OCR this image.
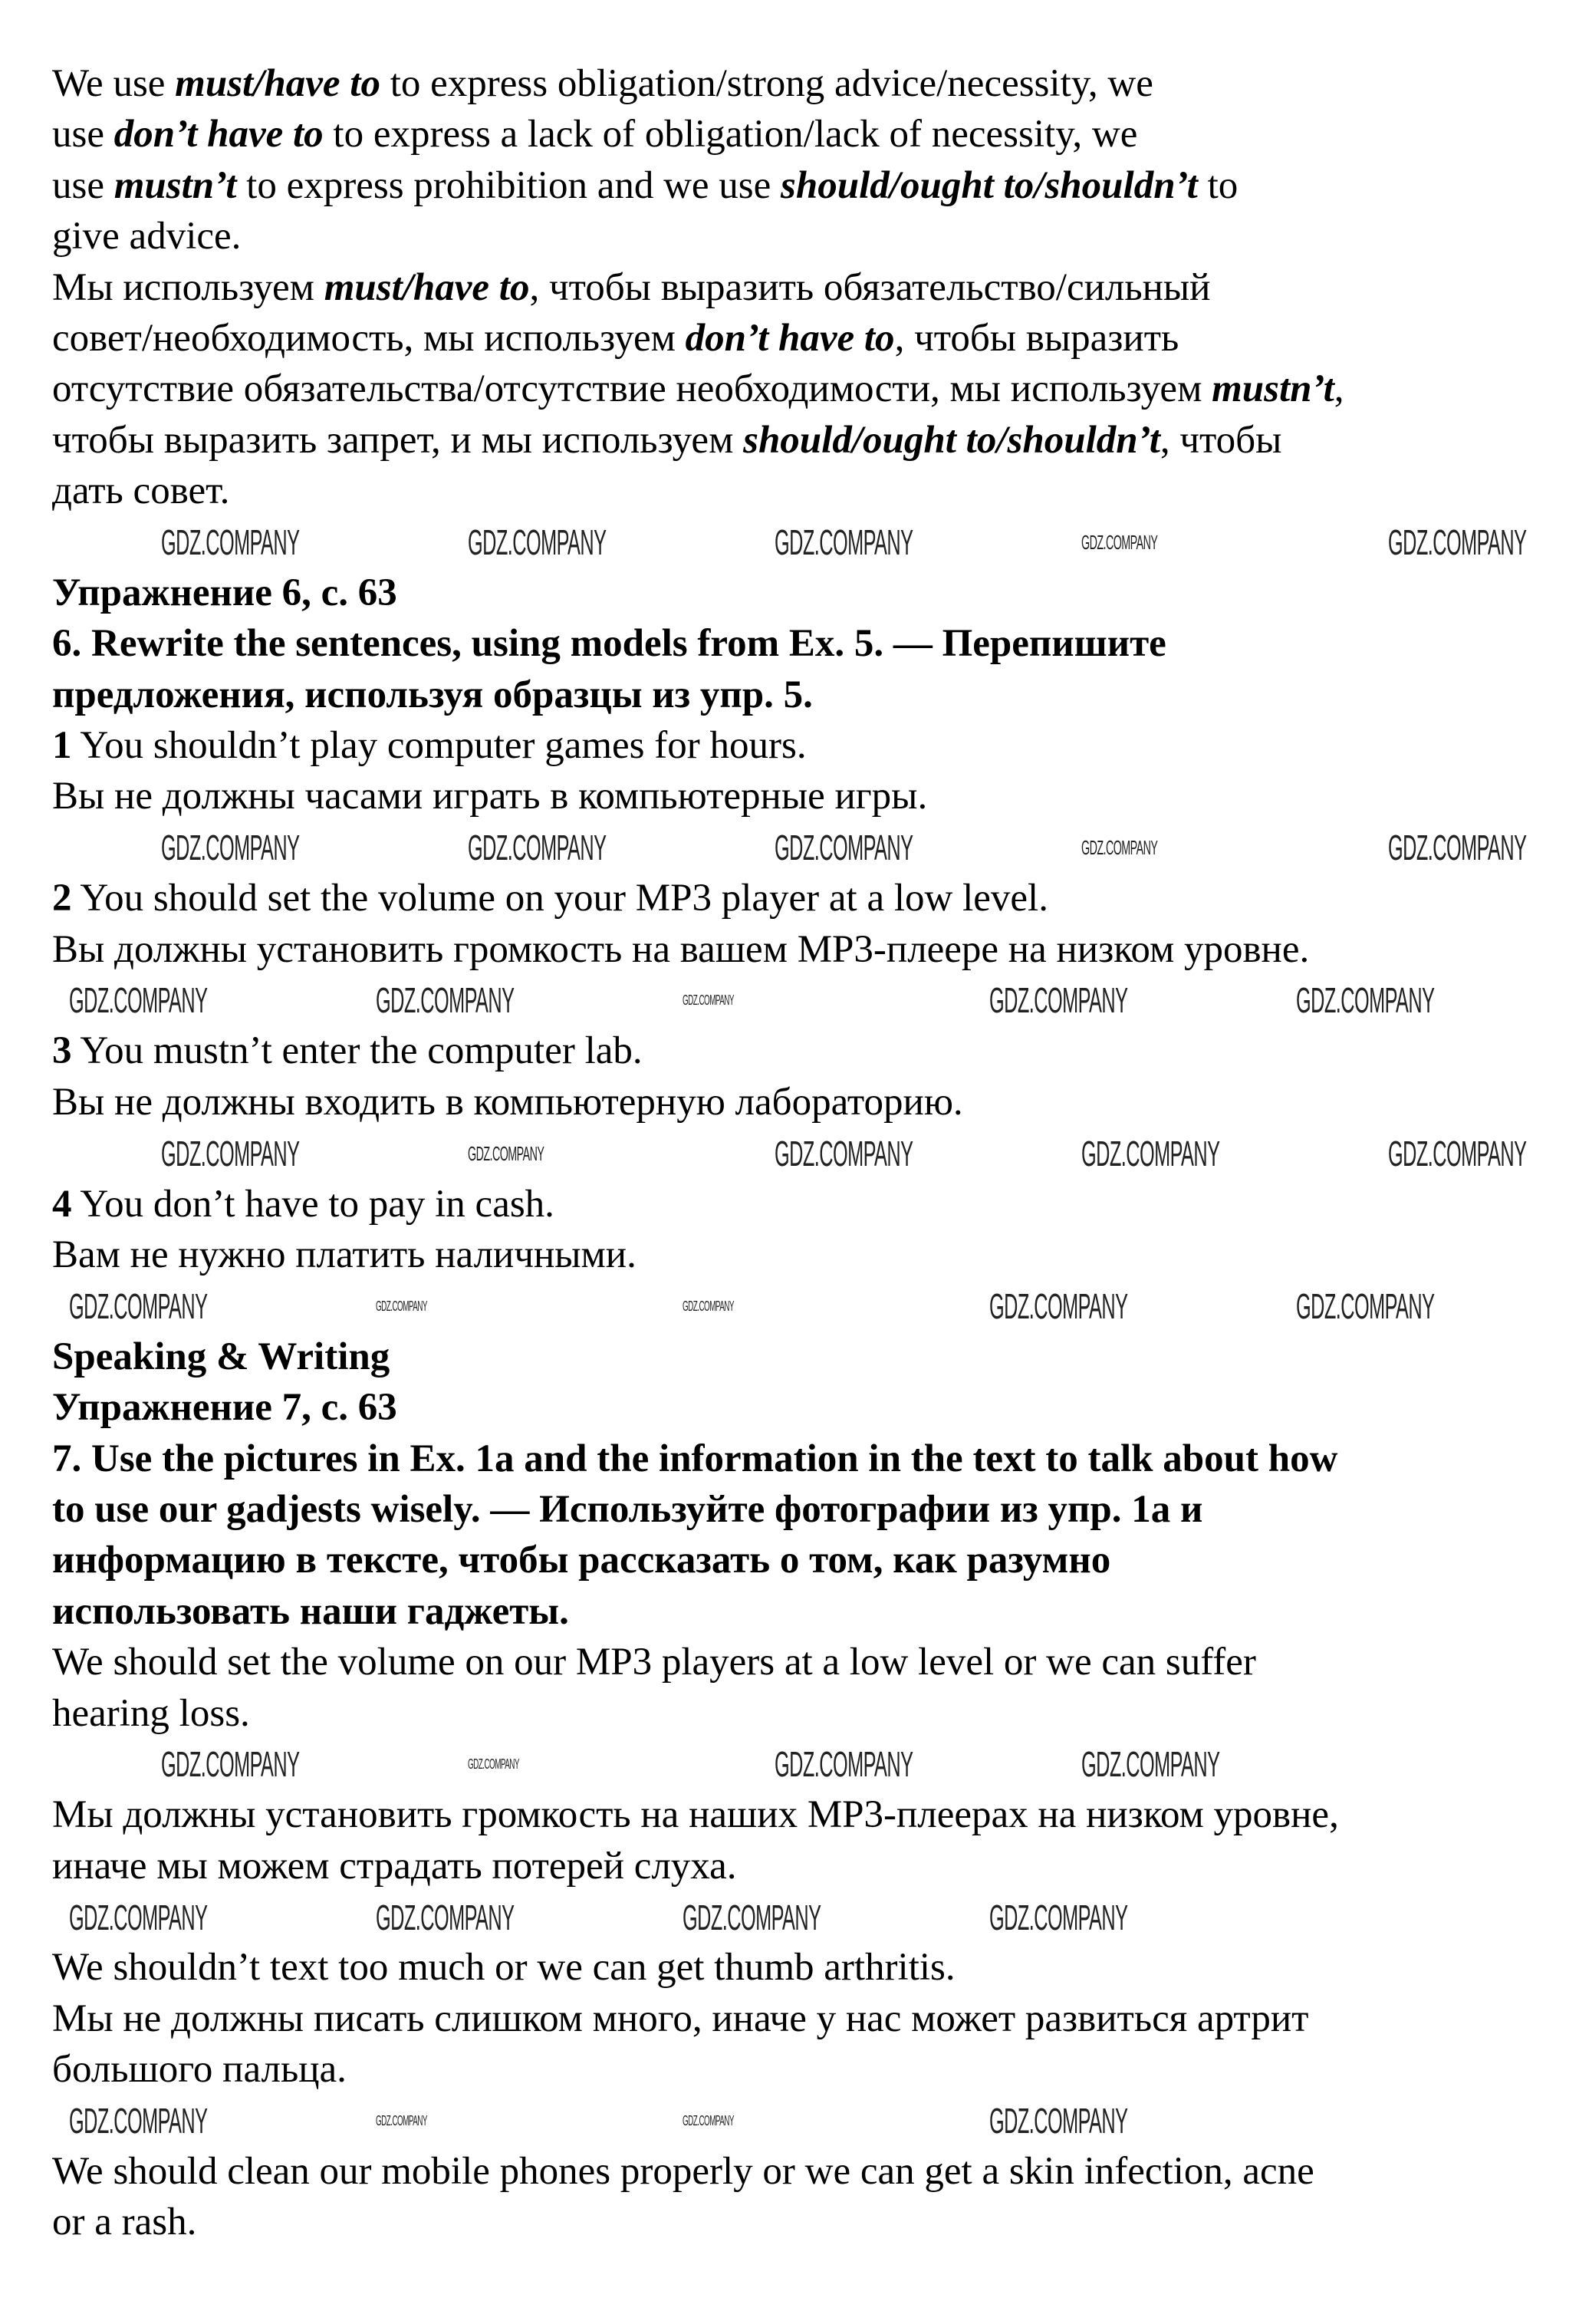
We use must/have to to express obligation/strong advice/necessity, we
use don’t have to to express a lack of obligation/lack of necessity, we
use mustn’t to express prohibition and we use should/ought to/shouldn’t to
give advice.
Мы используем must/have to, чтобы выразить обязательство/сильный
совет/необходимость, мы используем don’t have to, чтобы выразить
отсутствие обязательства/отсутствие необходимости, мы используем mustn’t,
чтобы выразить запрет, и мы используем should/ought to/shouldn’t, чтобы
дать совет.
Упражнение 6, с. 63
6. Rewrite the sentences, using models from Ex. 5. — Перепишите
предложения, используя образцы из упр. 5.
1 You shouldn’t play computer games for hours.
Вы не должны часами играть в компьютерные игры.
2 You should set the volume on your MP3 player at a low level.
Вы должны установить громкость на вашем MP3-плеере на низком уровне.
3 You mustn’t enter the computer lab.
Вы не должны входить в компьютерную лабораторию.
4 You don’t have to pay in cash.
Вам не нужно платить наличными.
Speaking & Writing
Упражнение 7, с. 63
7. Use the pictures in Ex. 1a and the information in the text to talk about how
to use our gadjests wisely. — Используйте фотографии из упр. 1a и
информацию в тексте, чтобы рассказать о том, как разумно
использовать наши гаджеты.
We should set the volume on our MP3 players at a low level or we can suffer
hearing loss.
Мы должны установить громкость на наших MP3-плеерах на низком уровне,
иначе мы можем страдать потерей слуха.
We shouldn’t text too much or we can get thumb arthritis.
Мы не должны писать слишком много, иначе у нас может развиться артрит
большого пальца.
We should clean our mobile phones properly or we can get a skin infection, acne
or a rash.
GDZ.COMPANY
GDZ.COMPANY
GDZ.COMPANY
GDZ.COMPANY
GDZ.COMPANY
GDZ.COMPANY
GDZ.COMPANY
GDZ.COMPANY
GDZ.COMPANY
GDZ.COMPANY
GDZ.COMPANY
GDZ.COMPANY
GDZ.COMPANY
GDZ.COMPANY
GDZ.COMPANY
GDZ.COMPANY
GDZ.COMPANY
GDZ.COMPANY
GDZ.COMPANY
GDZ.COMPANY
GDZ.COMPANY
GDZ.COMPANY
GDZ.COMPANY
GDZ.COMPANY
GDZ.COMPANY
GDZ.COMPANY
GDZ.COMPANY
GDZ.COMPANY
GDZ.COMPANY
GDZ.COMPANY
GDZ.COMPANY
GDZ.COMPANY
GDZ.COMPANY
GDZ.COMPANY
GDZ.COMPANY
GDZ.COMPANY
GDZ.COMPANY
